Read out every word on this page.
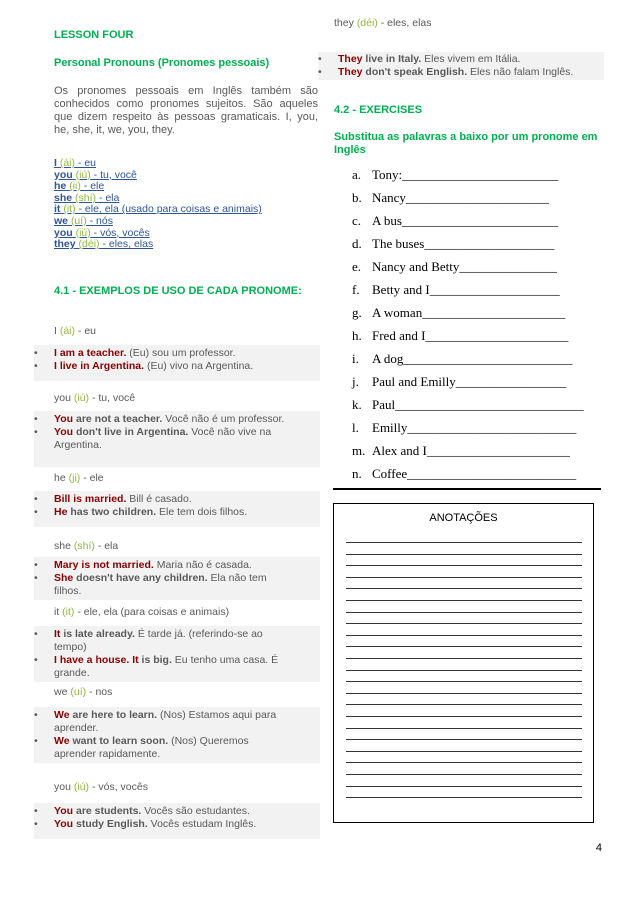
LESSON FOUR
Personal Pronouns (Pronomes pessoais)
Os pronomes pessoais em Inglês também são conhecidos como pronomes sujeitos. São aqueles que dizem respeito às pessoas gramaticais. I, you, he, she, it, we, you, they.
I (ái) - eu
you (iú) - tu, você
he (ii) - ele
she (shí) - ela
it (it) - ele, ela (usado para coisas e animais)
we (uí) - nós
you (iú) - vós, vocês
they (déi) - eles, elas
4.1 - EXEMPLOS DE USO DE CADA PRONOME:
I (ái) - eu
• I am a teacher. (Eu) sou um professor.
• I live in Argentina. (Eu) vivo na Argentina.
you (iú) - tu, você
• You are not a teacher. Você não é um professor.
• You don't live in Argentina. Você não vive na Argentina.
he (ji) - ele
• Bill is married. Bill é casado.
• He has two children. Ele tem dois filhos.
she (shí) - ela
• Mary is not married. Maria não é casada.
• She doesn't have any children. Ela não tem filhos.
it (it) - ele, ela (para coisas e animais)
• It is late already. É tarde já. (referindo-se ao tempo)
• I have a house. It is big. Eu tenho uma casa. É grande.
we (uí) - nos
• We are here to learn. (Nos) Estamos aqui para aprender.
• We want to learn soon. (Nos) Queremos aprender rapidamente.
you (iú) - vós, vocês
• You are students. Vocês são estudantes.
• You study English. Vocês estudam Inglês.
they (déi) - eles, elas
• They live in Italy. Eles vivem em Itália.
• They don't speak English. Eles não falam Inglês.
4.2 - EXERCISES
Substitua as palavras a baixo por um pronome em Inglês
a. Tony:________________________
b. Nancy______________________
c. A bus________________________
d. The buses____________________
e. Nancy and Betty_______________
f. Betty and I____________________
g. A woman______________________
h. Fred and I______________________
i. A dog__________________________
j. Paul and Emilly_________________
k. Paul_____________________________
l. Emilly__________________________
m. Alex and I______________________
n. Coffee__________________________
ANOTAÇÕES
4
